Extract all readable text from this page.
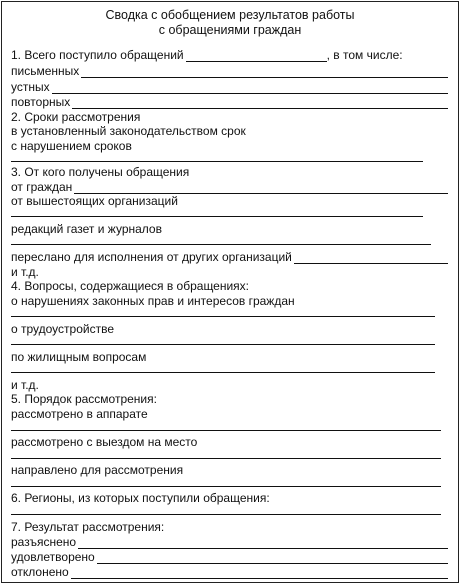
Сводка с обобщением результатов работы
с обращениями граждан
1. Всего поступило обращений	, в том числе:
письменных
устных
повторных
2. Сроки рассмотрения
в установленный законодательством срок
с нарушением сроков
3. От кого получены обращения
от граждан
от вышестоящих организаций
редакций газет и журналов
переслано для исполнения от других организаций
и т.д.
4. Вопросы, содержащиеся в обращениях:
о нарушениях законных прав и интересов граждан
о трудоустройстве
по жилищным вопросам
и т.д.
5. Порядок рассмотрения:
рассмотрено в аппарате
рассмотрено с выездом на место
направлено для рассмотрения
6. Регионы, из которых поступили обращения:
7. Результат рассмотрения:
разъяснено
удовлетворено
отклонено
